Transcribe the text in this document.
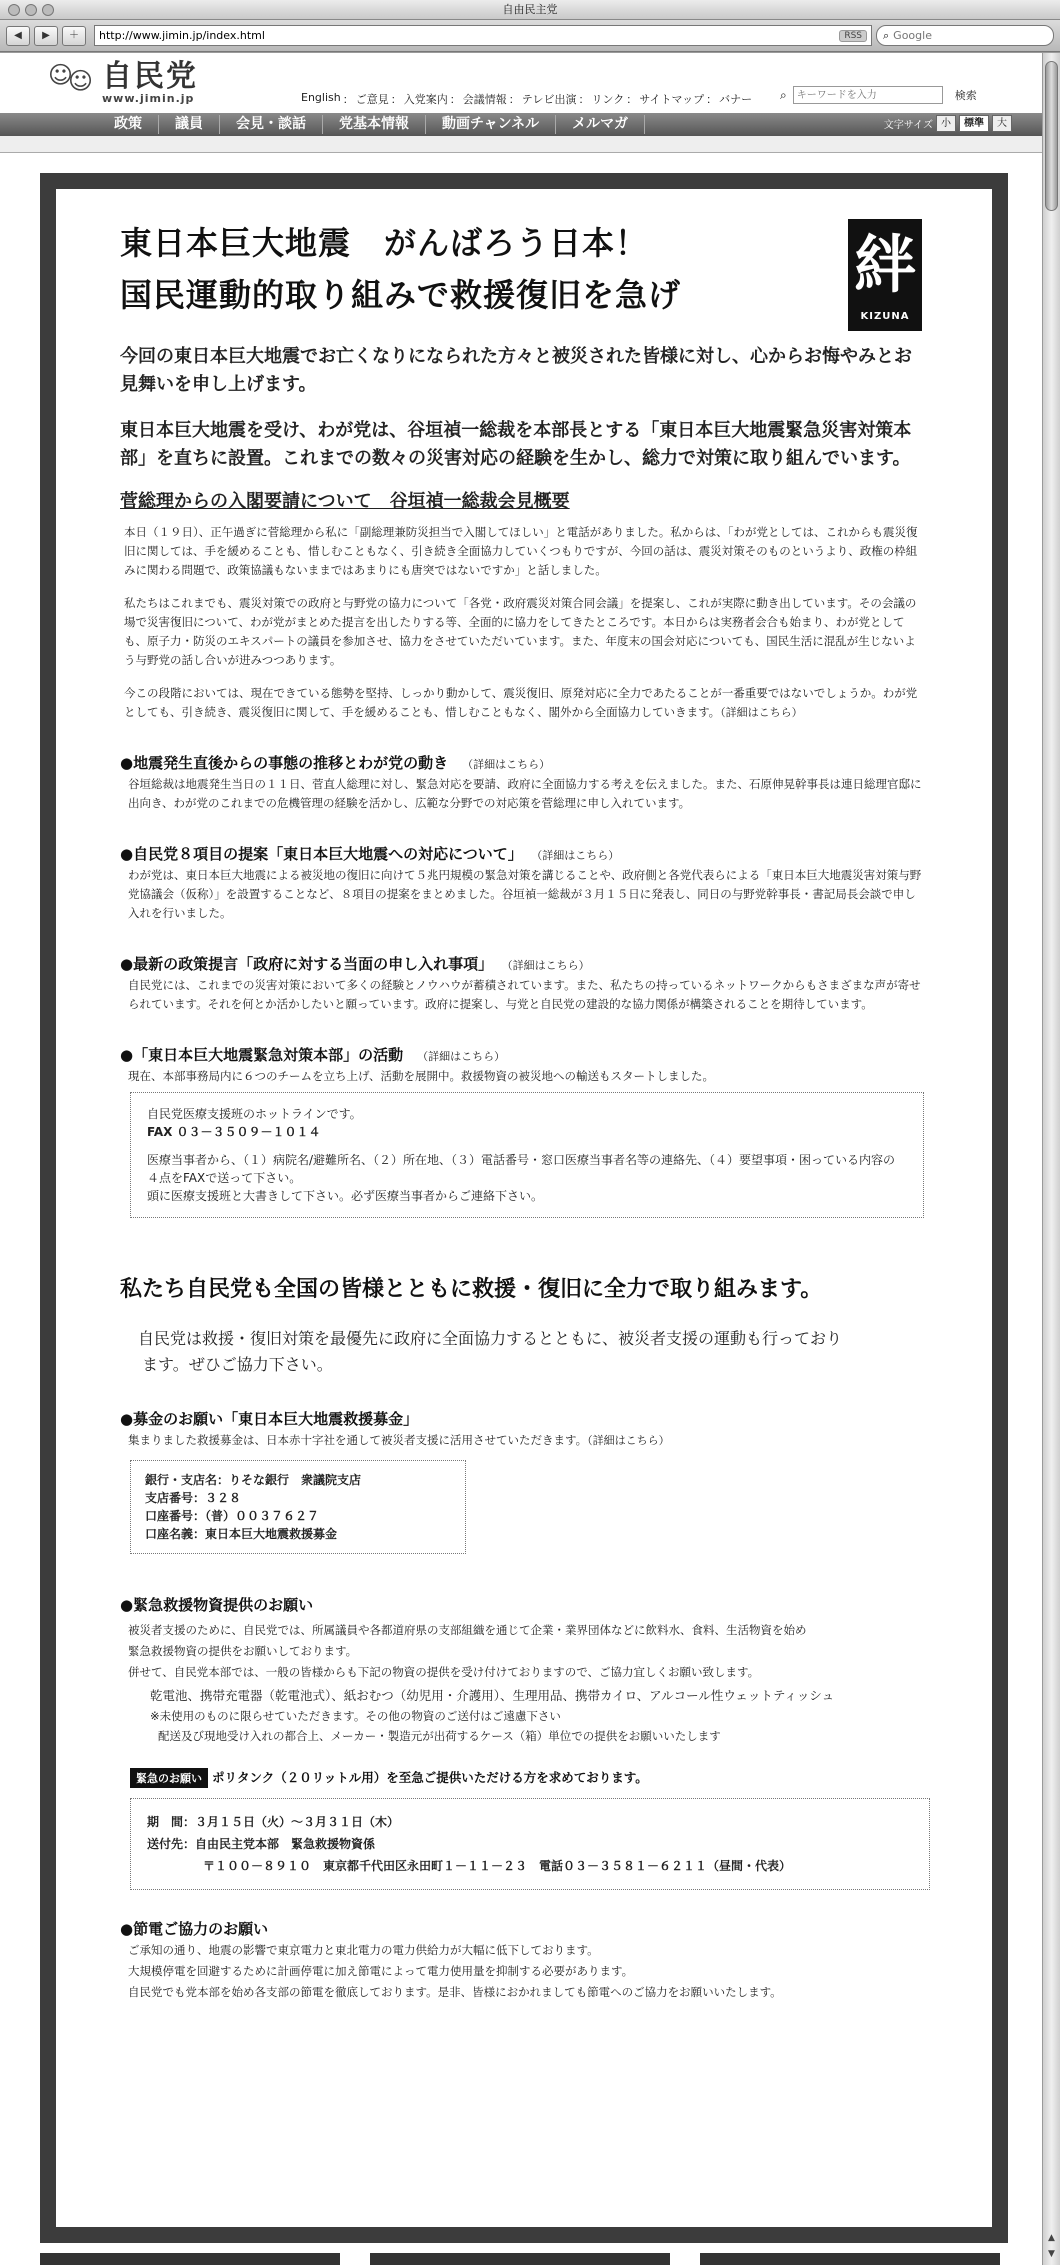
自由民主党
◀	▶	＋
http://www.jimin.jp/index.html	RSS	⌕
Google
☺
☺ 自民党
www.jimin.jp	English ： ご意見 ： 入党案内 ： 会議情報 ： テレビ出演 ： リンク ： サイトマップ ： バナー ⌕
キーワードを入力	検索
政策	議員	会見・談話	党基本情報	動画チャンネル	メルマガ	文字サイズ 小	標準	大
絆
KIZUNA
東日本巨大地震　がんばろう日本！
国民運動的取り組みで救援復旧を急げ

今回の東日本巨大地震でお亡くなりになられた方々と被災された皆様に対し、心からお悔やみとお見舞いを申し上げます。

東日本巨大地震を受け、わが党は、谷垣禎一総裁を本部長とする「東日本巨大地震緊急災害対策本部」を直ちに設置。これまでの数々の災害対応の経験を生かし、総力で対策に取り組んでいます。

菅総理からの入閣要請について　谷垣禎一総裁会見概要

本日（１９日）、正午過ぎに菅総理から私に「副総理兼防災担当で入閣してほしい」と電話がありました。私からは、「わが党としては、これからも震災復旧に関しては、手を緩めることも、惜しむこともなく、引き続き全面協力していくつもりですが、今回の話は、震災対策そのものというより、政権の枠組みに関わる問題で、政策協議もないままではあまりにも唐突ではないですか」と話しました。

私たちはこれまでも、震災対策での政府と与野党の協力について「各党・政府震災対策合同会議」を提案し、これが実際に動き出しています。その会議の場で災害復旧について、わが党がまとめた提言を出したりする等、全面的に協力をしてきたところです。本日からは実務者会合も始まり、わが党としても、原子力・防災のエキスパートの議員を参加させ、協力をさせていただいています。また、年度末の国会対応についても、国民生活に混乱が生じないよう与野党の話し合いが进みつつあります。

今この段階においては、現在できている態勢を堅持、しっかり動かして、震災復旧、原発対応に全力であたることが一番重要ではないでしょうか。わが党としても、引き続き、震災復旧に関して、手を緩めることも、惜しむこともなく、閣外から全面協力していきます。（詳細はこちら）

●地震発生直後からの事態の推移とわが党の動き （詳細はこちら）

谷垣総裁は地震発生当日の１１日、菅直人総理に対し、緊急対応を要請、政府に全面協力する考えを伝えました。また、石原伸晃幹事長は連日総理官邸に出向き、わが党のこれまでの危機管理の経験を活かし、広範な分野での対応策を菅総理に申し入れています。

●自民党８項目の提案「東日本巨大地震への対応について」 （詳細はこちら）

わが党は、東日本巨大地震による被災地の復旧に向けて５兆円規模の緊急対策を講じることや、政府側と各党代表らによる「東日本巨大地震災害対策与野党協議会（仮称）」を設置することなど、８項目の提案をまとめました。谷垣禎一総裁が３月１５日に発表し、同日の与野党幹事長・書記局長会談で申し入れを行いました。

●最新の政策提言「政府に対する当面の申し入れ事項」 （詳細はこちら）

自民党には、これまでの災害対策において多くの経験とノウハウが蓄積されています。また、私たちの持っているネットワークからもさまざまな声が寄せられています。それを何とか活かしたいと願っています。政府に提案し、与党と自民党の建設的な協力関係が構築されることを期待しています。

●「東日本巨大地震緊急対策本部」の活動 （詳細はこちら）

現在、本部事務局内に６つのチームを立ち上げ、活動を展開中。救援物資の被災地への輸送もスタートしました。

自民党医療支援班のホットラインです。
FAX ０３－３５０９－１０１４
医療当事者から、（１）病院名/避難所名、（２）所在地、（３）電話番号・窓口医療当事者名等の連絡先、（４）要望事項・困っている内容の４点をFAXで送って下さい。
頭に医療支援班と大書きして下さい。必ず医療当事者からご連絡下さい。
私たち自民党も全国の皆様とともに救援・復旧に全力で取り組みます。

自民党は救援・復旧対策を最優先に政府に全面協力するとともに、被災者支援の運動も行っており

ます。ぜひご協力下さい。

●募金のお願い「東日本巨大地震救援募金」

集まりました救援募金は、日本赤十字社を通して被災者支援に活用させていただきます。（詳細はこちら）

銀行・支店名：りそな銀行　衆議院支店
支店番号：３２８
口座番号：（普）００３７６２７
口座名義：東日本巨大地震救援募金
●緊急救援物資提供のお願い

被災者支援のために、自民党では、所属議員や各都道府県の支部組織を通じて企業・業界団体などに飲料水、食料、生活物資を始め

緊急救援物資の提供をお願いしております。

併せて、自民党本部では、一般の皆様からも下記の物資の提供を受け付けておりますので、ご協力宜しくお願い致します。

乾電池、携帯充電器（乾電池式）、紙おむつ（幼児用・介護用）、生理用品、携帯カイロ、アルコール性ウェットティッシュ
※未使用のものに限らせていただきます。その他の物資のご送付はご遠慮下さい
配送及び現地受け入れの都合上、メーカー・製造元が出荷するケース（箱）単位での提供をお願いいたします
緊急のお願い ポリタンク（２０リットル用）を至急ご提供いただける方を求めております。
期　間：３月１５日（火）～３月３１日（木）
送付先：自由民主党本部　緊急救援物資係
〒１００－８９１０　東京都千代田区永田町１－１１－２３　電話０３－３５８１－６２１１（昼間・代表）
●節電ご協力のお願い

ご承知の通り、地震の影響で東京電力と東北電力の電力供給力が大幅に低下しております。

大規模停電を回避するために計画停電に加え節電によって電力使用量を抑制する必要があります。

自民党でも党本部を始め各支部の節電を徹底しております。是非、皆様におかれましても節電へのご協力をお願いいたします。

▲
▼
